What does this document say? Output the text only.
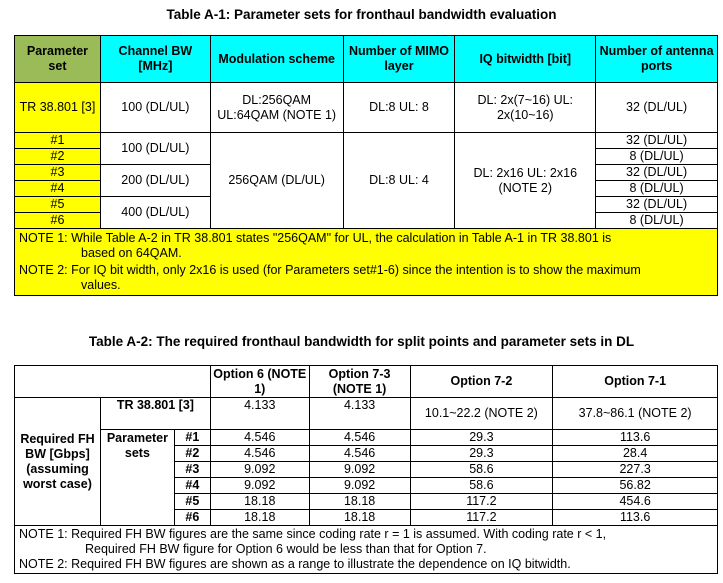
Table A-1: Parameter sets for fronthaul bandwidth evaluation
Parameter set	Channel BW [MHz]	Modulation scheme	Number of MIMO layer	IQ bitwidth [bit]	Number of antenna ports
TR 38.801 [3]	100 (DL/UL)	DL:256QAM UL:64QAM (NOTE 1)	DL:8 UL: 8	DL: 2x(7~16) UL: 2x(10~16)	32 (DL/UL)
#1	100 (DL/UL)	256QAM (DL/UL)	DL:8 UL: 4	DL: 2x16 UL: 2x16 (NOTE 2)	32 (DL/UL)
#2					8 (DL/UL)
#3	200 (DL/UL)				32 (DL/UL)
#4					8 (DL/UL)
#5	400 (DL/UL)				32 (DL/UL)
#6					8 (DL/UL)

NOTE 1: While Table A-2 in TR 38.801 states "256QAM" for UL, the calculation in Table A-1 in TR 38.801 is
based on 64QAM.
NOTE 2: For IQ bit width, only 2x16 is used (for Parameters set#1-6) since the intention is to show the maximum
values.					
Table A-2: The required fronthaul bandwidth for split points and parameter sets in DL
			Option 6 (NOTE 1)	Option 7-3 (NOTE 1)	Option 7-2	Option 7-1
Required FH BW [Gbps] (assuming worst case)	TR 38.801 [3]		4.133	4.133	10.1~22.2 (NOTE 2)	37.8~86.1 (NOTE 2)
	Parameter sets	#1	4.546	4.546	29.3	113.6
		#2	4.546	4.546	29.3	28.4
		#3	9.092	9.092	58.6	227.3
		#4	9.092	9.092	58.6	56.82
		#5	18.18	18.18	117.2	454.6
		#6	18.18	18.18	117.2	113.6

NOTE 1: Required FH BW figures are the same since coding rate r = 1 is assumed. With coding rate r < 1,
Required FH BW figure for Option 6 would be less than that for Option 7.
NOTE 2: Required FH BW figures are shown as a range to illustrate the dependence on IQ bitwidth.						
